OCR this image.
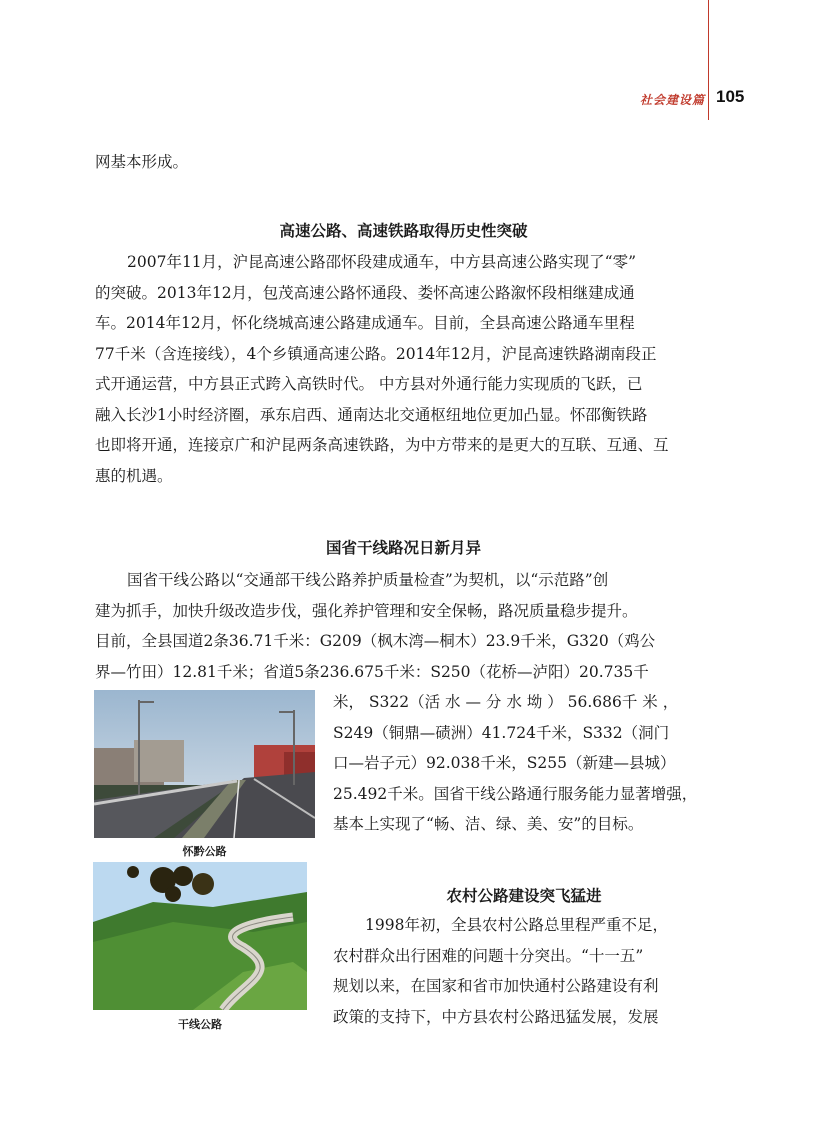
社会建设篇 105
网基本形成。
高速公路、高速铁路取得历史性突破
2007年11月，沪昆高速公路邵怀段建成通车，中方县高速公路实现了“零”
的突破。2013年12月，包茂高速公路怀通段、娄怀高速公路溆怀段相继建成通
车。2014年12月，怀化绕城高速公路建成通车。目前，全县高速公路通车里程
77千米（含连接线），4个乡镇通高速公路。2014年12月，沪昆高速铁路湖南段正
式开通运营，中方县正式跨入高铁时代。 中方县对外通行能力实现质的飞跃，已
融入长沙1小时经济圈，承东启西、通南达北交通枢纽地位更加凸显。怀邵衡铁路
也即将开通，连接京广和沪昆两条高速铁路，为中方带来的是更大的互联、互通、互
惠的机遇。
国省干线路况日新月异
国省干线公路以“交通部干线公路养护质量检查”为契机，以“示范路”创
建为抓手，加快升级改造步伐，强化养护管理和安全保畅，路况质量稳步提升。
目前，全县国道2条36.71千米：G209（枫木湾—桐木）23.9千米，G320（鸡公
界—竹田）12.81千米；省道5条236.675千米：S250（花桥—泸阳）20.735千
米， S322（活 水 — 分 水 坳 ） 56.686千 米 ，
S249（铜鼎—碛洲）41.724千米，S332（洞门
口—岩子元）92.038千米，S255（新建—县城）
25.492千米。国省干线公路通行服务能力显著增强，
基本上实现了“畅、洁、绿、美、安”的目标。
怀黔公路
干线公路
农村公路建设突飞猛进
1998年初，全县农村公路总里程严重不足，
农村群众出行困难的问题十分突出。“十一五”
规划以来，在国家和省市加快通村公路建设有利
政策的支持下，中方县农村公路迅猛发展，发展
